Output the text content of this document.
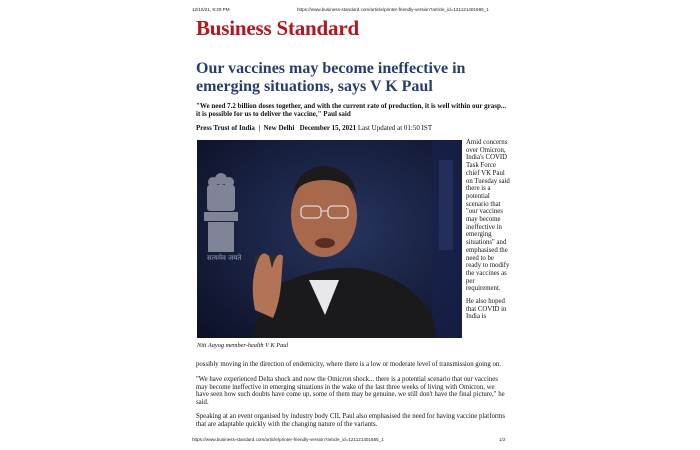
12/15/21, 9:28 PM	https://www.business-standard.com/article/printer-friendly-version?article_id=121121401665_1
Business Standard
Our vaccines may become ineffective in emerging situations, says V K Paul
"We need 7.2 billion doses together, and with the current rate of production, it is well within our grasp... it is possible for us to deliver the vaccine," Paul said
Press Trust of India | New Delhi December 15, 2021 Last Updated at 01:50 IST
सत्यमेव जयते
Niti Aayog member-health V K Paul

Amid concerns over Omicron, India's COVID Task Force chief VK Paul on Tuesday said there is a potential scenario that "our vaccines may become ineffective in emerging situations" and emphasised the need to be ready to modify the vaccines as per requirement.

He also hoped that COVID in India is

possibly moving in the direction of endemicity, where there is a low or moderate level of transmission going on.
"We have experienced Delta shock and now the Omicron shock... there is a potential scenario that our vaccines may become ineffective in emerging situations in the wake of the last three weeks of living with Omicron, we have seen how such doubts have come up, some of them may be genuine, we still don't have the final picture," he said.
Speaking at an event organised by industry body CII, Paul also emphasised the need for having vaccine platforms that are adaptable quickly with the changing nature of the variants.
https://www.business-standard.com/article/printer-friendly-version?article_id=121121401665_1	1/2
